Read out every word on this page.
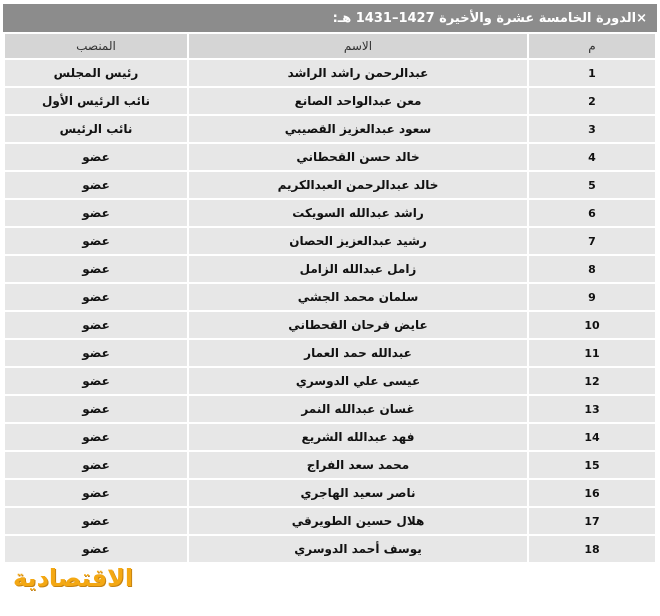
×الدورة الخامسة عشرة والأخيرة 1427–1431 هـ:
م	الاسم	المنصب
1	عبدالرحمن راشد الراشد	رئيس المجلس
2	معن عبدالواحد الصانع	نائب الرئيس الأول
3	سعود عبدالعزيز القصيبي	نائب الرئيس
4	خالد حسن القحطاني	عضو
5	خالد عبدالرحمن العبدالكريم	عضو
6	راشد عبدالله السويكت	عضو
7	رشيد عبدالعزيز الحصان	عضو
8	زامل عبدالله الزامل	عضو
9	سلمان محمد الجشي	عضو
10	عايض فرحان القحطاني	عضو
11	عبدالله حمد العمار	عضو
12	عيسى علي الدوسري	عضو
13	غسان عبدالله النمر	عضو
14	فهد عبدالله الشريع	عضو
15	محمد سعد الفراج	عضو
16	ناصر سعيد الهاجري	عضو
17	هلال حسين الطويرقي	عضو
18	يوسف أحمد الدوسري	عضو
الاقتصادية
